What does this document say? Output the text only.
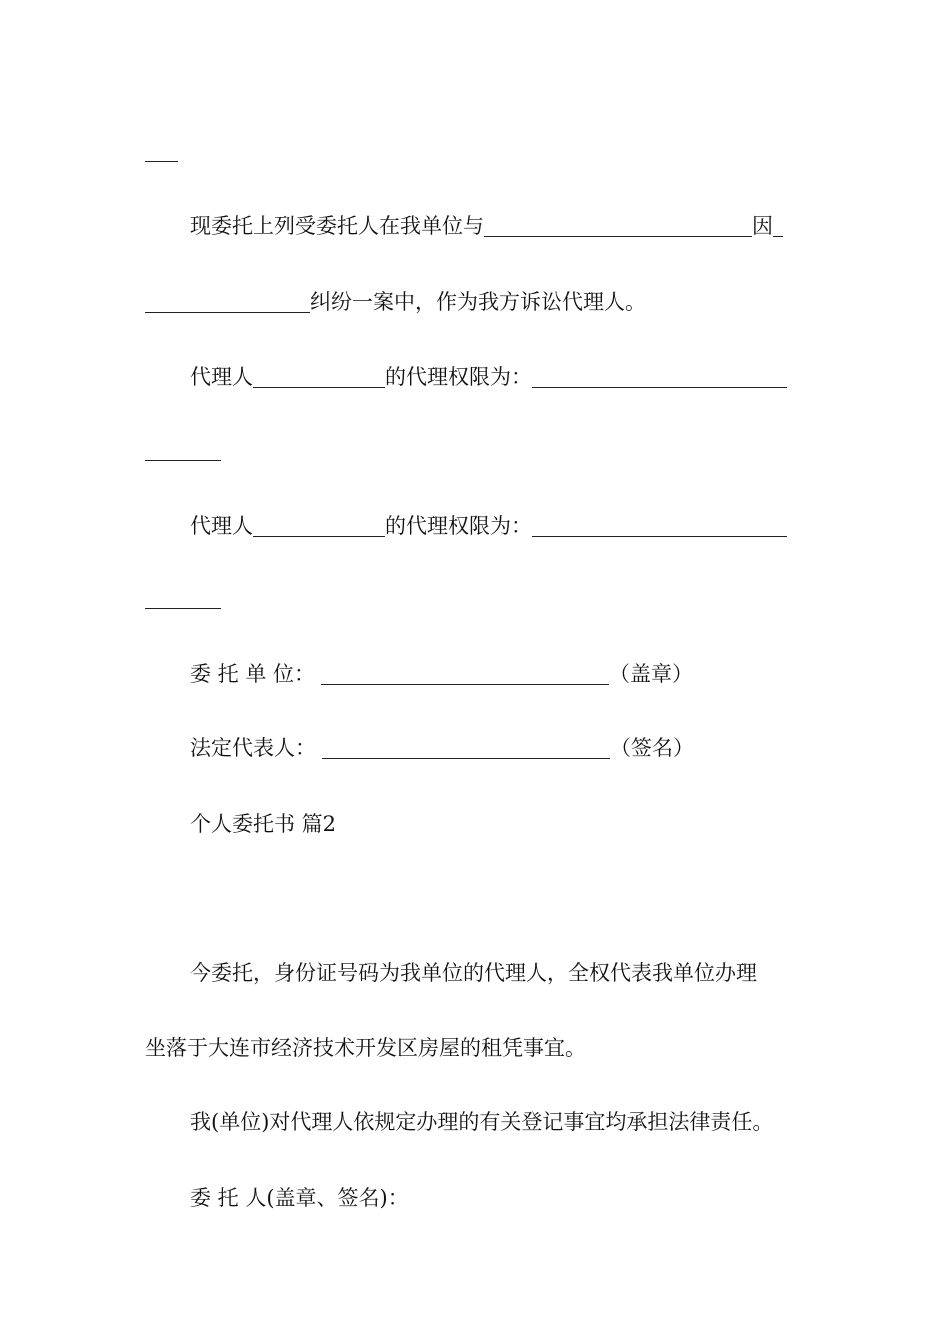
现委托上列受委托人在我单位与	因
纠纷一案中，作为我方诉讼代理人。
代理人	的代理权限为：
代理人	的代理权限为：
委 托 单 位：	（盖章）
法定代表人：	（签名）
个人委托书 篇2
今委托，身份证号码为我单位的代理人，全权代表我单位办理
坐落于大连市经济技术开发区房屋的租凭事宜。
我(单位)对代理人依规定办理的有关登记事宜均承担法律责任。
委 托 人(盖章、签名)：
